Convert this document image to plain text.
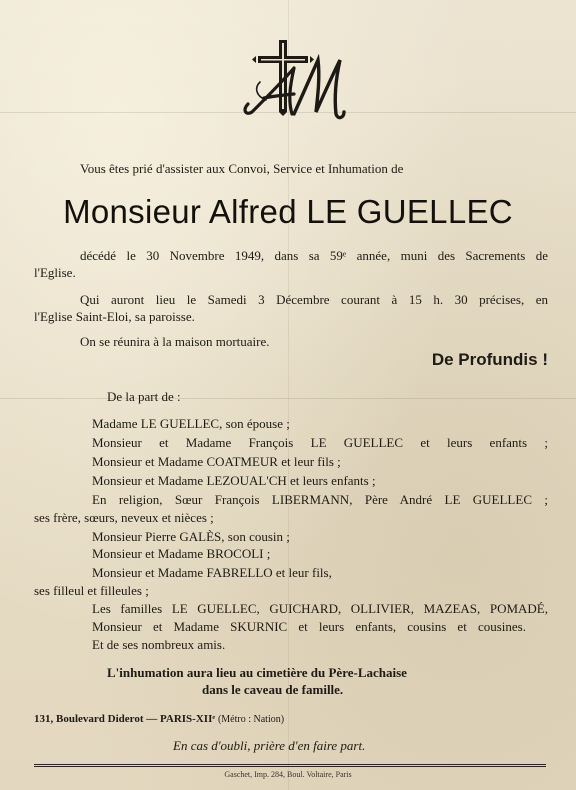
AM

Vous êtes prié d'assister aux Convoi, Service et Inhumation de

Monsieur Alfred LE GUELLEC

décédé le 30 Novembre 1949, dans sa 59ᵉ année, muni des Sacrements de

l'Eglise.

Qui auront lieu le Samedi 3 Décembre courant à 15 h. 30 précises, en

l'Eglise Saint-Eloi, sa paroisse.

On se réunira à la maison mortuaire.

De Profundis !

De la part de :

Madame LE GUELLEC, son épouse ;

Monsieur et Madame François LE GUELLEC et leurs enfants ;

Monsieur et Madame COATMEUR et leur fils ;

Monsieur et Madame LEZOUAL'CH et leurs enfants ;

En religion, Sœur François LIBERMANN, Père André LE GUELLEC ;

ses frère, sœurs, neveux et nièces ;

Monsieur Pierre GALÈS, son cousin ;

Monsieur et Madame BROCOLI ;

Monsieur et Madame FABRELLO et leur fils,

ses filleul et filleules ;

Les familles LE GUELLEC, GUICHARD, OLLIVIER, MAZEAS, POMADÉ,

Monsieur et Madame SKURNIC et leurs enfants, cousins et cousines.

Et de ses nombreux amis.

L'inhumation aura lieu au cimetière du Père-Lachaise

dans le caveau de famille.

131, Boulevard Diderot — PARIS-XIIᵉ (Métro : Nation)

En cas d'oubli, prière d'en faire part.

Gaschet, Imp. 284, Boul. Voltaire, Paris
